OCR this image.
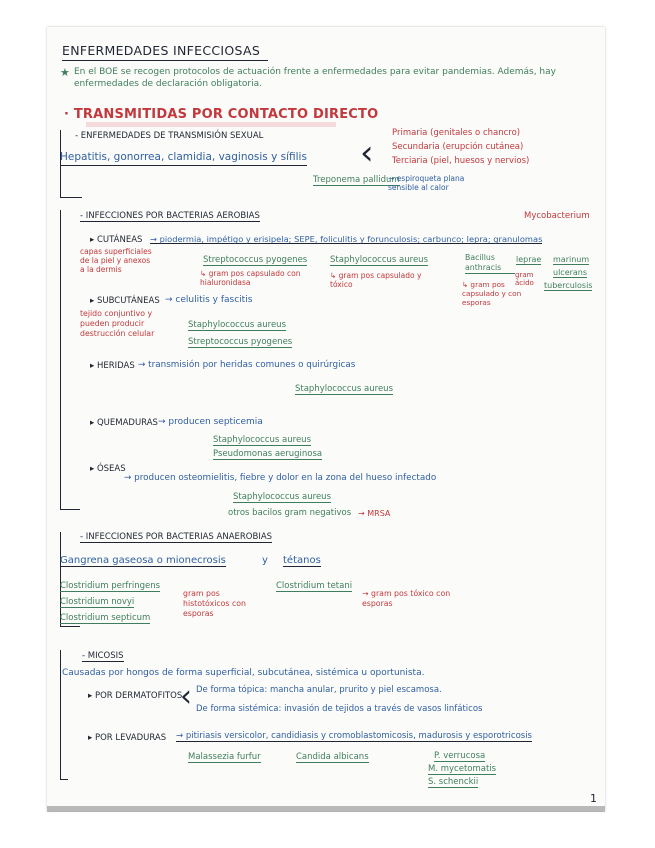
ENFERMEDADES INFECCIOSAS
★ En el BOE se recogen protocolos de actuación frente a enfermedades para evitar pandemias. Además, hay enfermedades de declaración obligatoria.
· TRANSMITIDAS POR CONTACTO DIRECTO
- ENFERMEDADES DE TRANSMISIÓN SEXUAL
Hepatitis, gonorrea, clamidia, vaginosis y sífilis
Treponema pallidum
→ espiroqueta plana sensible al calor
‹ Primaria (genitales o chancro)
Secundaria (erupción cutánea)
Terciaria (piel, huesos y nervios)
- INFECCIONES POR BACTERIAS AEROBIAS	Mycobacterium
▸ CUTÁNEAS → piodermia, impétigo y erisipela; SEPE, foliculitis y forunculosis; carbunco; lepra; granulomas
capas superficiales de la piel y anexos a la dermis
Streptococcus pyogenes
↳ gram pos capsulado con hialuronidasa
Staphylococcus aureus
↳ gram pos capsulado y tóxico
Bacillus anthracis
↳ gram pos capsulado y con esporas
leprae
gram ácido
marinum
ulcerans
tuberculosis
▸ SUBCUTÁNEAS → celulitis y fascitis
tejido conjuntivo y pueden producir destrucción celular
Staphylococcus aureus
Streptococcus pyogenes
▸ HERIDAS → transmisión por heridas comunes o quirúrgicas
Staphylococcus aureus
▸ QUEMADURAS → producen septicemia
Staphylococcus aureus
Pseudomonas aeruginosa
▸ ÓSEAS
→ producen osteomielitis, fiebre y dolor en la zona del hueso infectado
Staphylococcus aureus
otros bacilos gram negativos → MRSA
- INFECCIONES POR BACTERIAS ANAEROBIAS
Gangrena gaseosa o mionecrosis	y tétanos
Clostridium perfringens
Clostridium novyi
Clostridium septicum
gram pos histotóxicos con esporas
Clostridium tetani
→ gram pos tóxico con esporas
- MICOSIS
Causadas por hongos de forma superficial, subcutánea, sistémica u oportunista.
▸ POR DERMATOFITOS
‹ De forma tópica: mancha anular, prurito y piel escamosa.
De forma sistémica: invasión de tejidos a través de vasos linfáticos
▸ POR LEVADURAS → pitiriasis versicolor, candidiasis y cromoblastomicosis, madurosis y esporotricosis
Malassezia furfur	Candida albicans	P. verrucosa
M. mycetomatis
S. schenckii
1
